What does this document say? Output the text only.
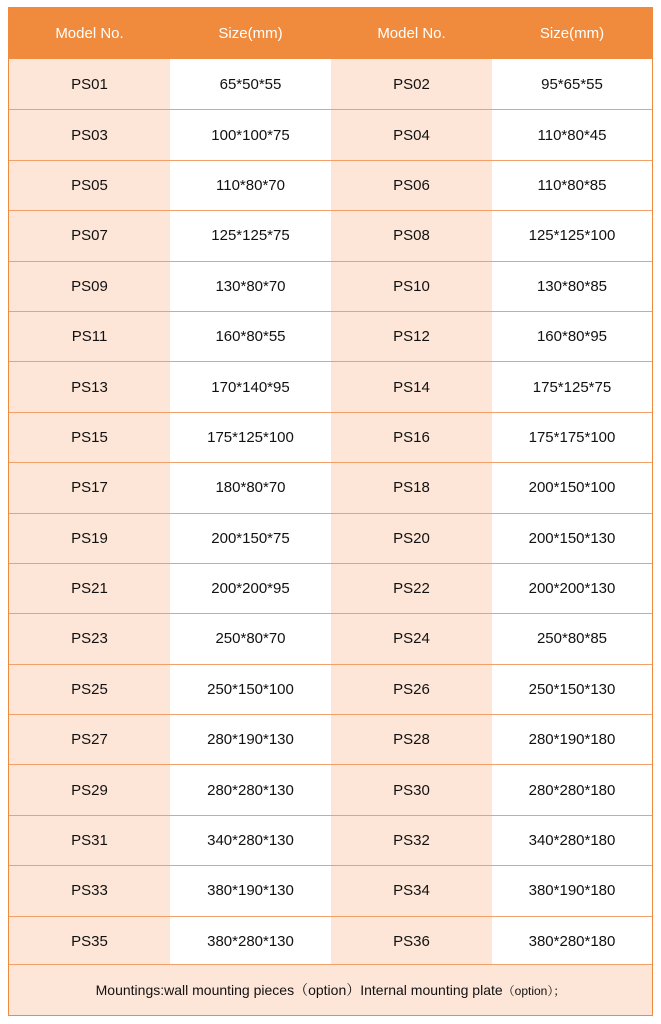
Model No.	Size(mm)	Model No.	Size(mm)
PS01	65*50*55	PS02	95*65*55
PS03	100*100*75	PS04	110*80*45
PS05	110*80*70	PS06	110*80*85
PS07	125*125*75	PS08	125*125*100
PS09	130*80*70	PS10	130*80*85
PS11	160*80*55	PS12	160*80*95
PS13	170*140*95	PS14	175*125*75
PS15	175*125*100	PS16	175*175*100
PS17	180*80*70	PS18	200*150*100
PS19	200*150*75	PS20	200*150*130
PS21	200*200*95	PS22	200*200*130
PS23	250*80*70	PS24	250*80*85
PS25	250*150*100	PS26	250*150*130
PS27	280*190*130	PS28	280*190*180
PS29	280*280*130	PS30	280*280*180
PS31	340*280*130	PS32	340*280*180
PS33	380*190*130	PS34	380*190*180
PS35	380*280*130	PS36	380*280*180
Mountings:wall mounting pieces（option）Internal mounting plate （option）；
